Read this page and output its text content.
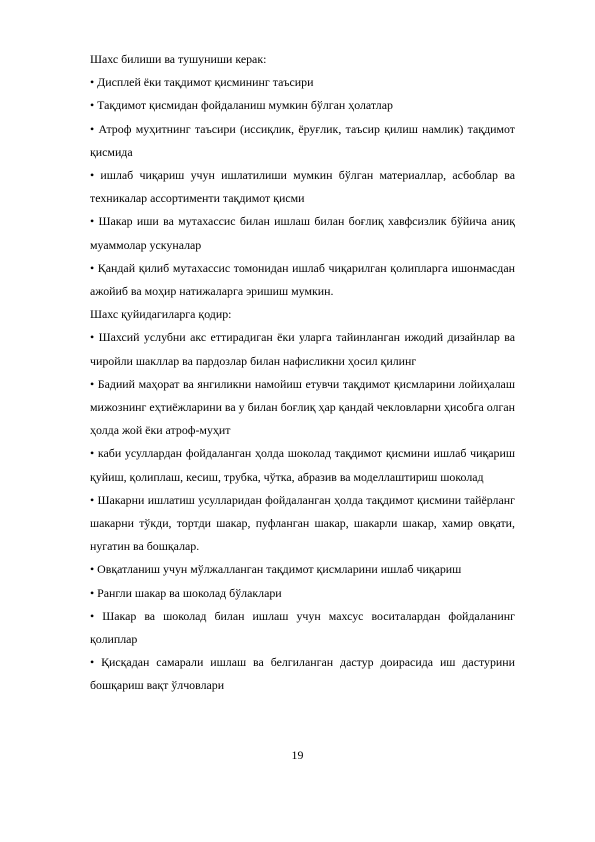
Шахс билиши ва тушуниши керак:

• Дисплей ёки тақдимот қисмининг таъсири

• Тақдимот қисмидан фойдаланиш мумкин бўлган ҳолатлар

• Атроф муҳитнинг таъсири (иссиқлик, ёруғлик, таъсир қилиш намлик) тақдимот қисмида

• ишлаб чиқариш учун ишлатилиши мумкин бўлган материаллар, асбоблар ва техникалар ассортименти тақдимот қисми

• Шакар иши ва мутахассис билан ишлаш билан боғлиқ хавфсизлик бўйича аниқ муаммолар ускуналар

• Қандай қилиб мутахассис томонидан ишлаб чиқарилган қолипларга ишонмасдан ажойиб ва моҳир натижаларга эришиш мумкин.

Шахс қуйидагиларга қодир:

• Шахсий услубни акс еттирадиган ёки уларга тайинланган ижодий дизайнлар ва чиройли шакллар ва пардозлар билан нафисликни ҳосил қилинг

• Бадиий маҳорат ва янгиликни намойиш етувчи тақдимот қисмларини лойиҳалаш мижознинг еҳтиёжларини ва у билан боғлиқ ҳар қандай чекловларни ҳисобга олган ҳолда жой ёки атроф-муҳит

• каби усуллардан фойдаланган ҳолда шоколад тақдимот қисмини ишлаб чиқариш қуйиш, қолиплаш, кесиш, трубка, чўтка, абразив ва моделлаштириш шоколад

• Шакарни ишлатиш усулларидан фойдаланган ҳолда тақдимот қисмини тайёрланг шакарни тўкди, тортди шакар, пуфланган шакар, шакарли шакар, хамир овқати, нугатин ва бошқалар.

• Овқатланиш учун мўлжалланган тақдимот қисмларини ишлаб чиқариш

• Рангли шакар ва шоколад бўлаклари

• Шакар ва шоколад билан ишлаш учун махсус воситалардан фойдаланинг қолиплар

• Қисқадан самарали ишлаш ва белгиланган дастур доирасида иш дастурини бошқариш вақт ўлчовлари

19
